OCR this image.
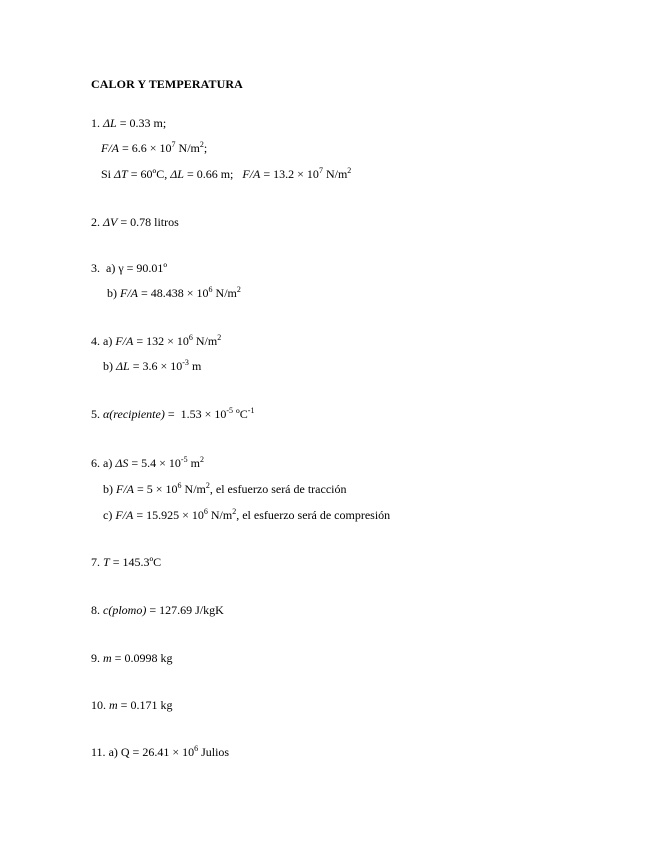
CALOR Y TEMPERATURA
1. ΔL = 0.33 m;
$F/A = 6.6 \times 10^7$ $N/m^2$;
Si ΔT = 60ºC, ΔL = 0.66 m;   $F/A = 13.2 \times 10^7$ $N/m^2$
2. ΔV = 0.78 litros
3.  a) γ = 90.01º
b) $F/A = 48.438 \times 10^6$ $N/m^2$
4. a) $F/A = 132 \times 10^6$ $N/m^2$
b) $\Delta L = 3.6 \times 10^{-3}$ m
5. α(recipiente) =  $1.53 \times 10^{-5}$ ºC$^{-1}$
6. a) $\Delta S = 5.4 \times 10^{-5}$ $m^2$
b) $F/A = 5 \times 10^6$ $N/m^2$, el esfuerzo será de tracción
c) $F/A = 15.925 \times 10^6$ $N/m^2$, el esfuerzo será de compresión
7. T = 145.3ºC
8. c(plomo) = 127.69 J/kgK
9. m = 0.0998 kg
10. m = 0.171 kg
11. a) $Q = 26.41 \times 10^6$ Julios
